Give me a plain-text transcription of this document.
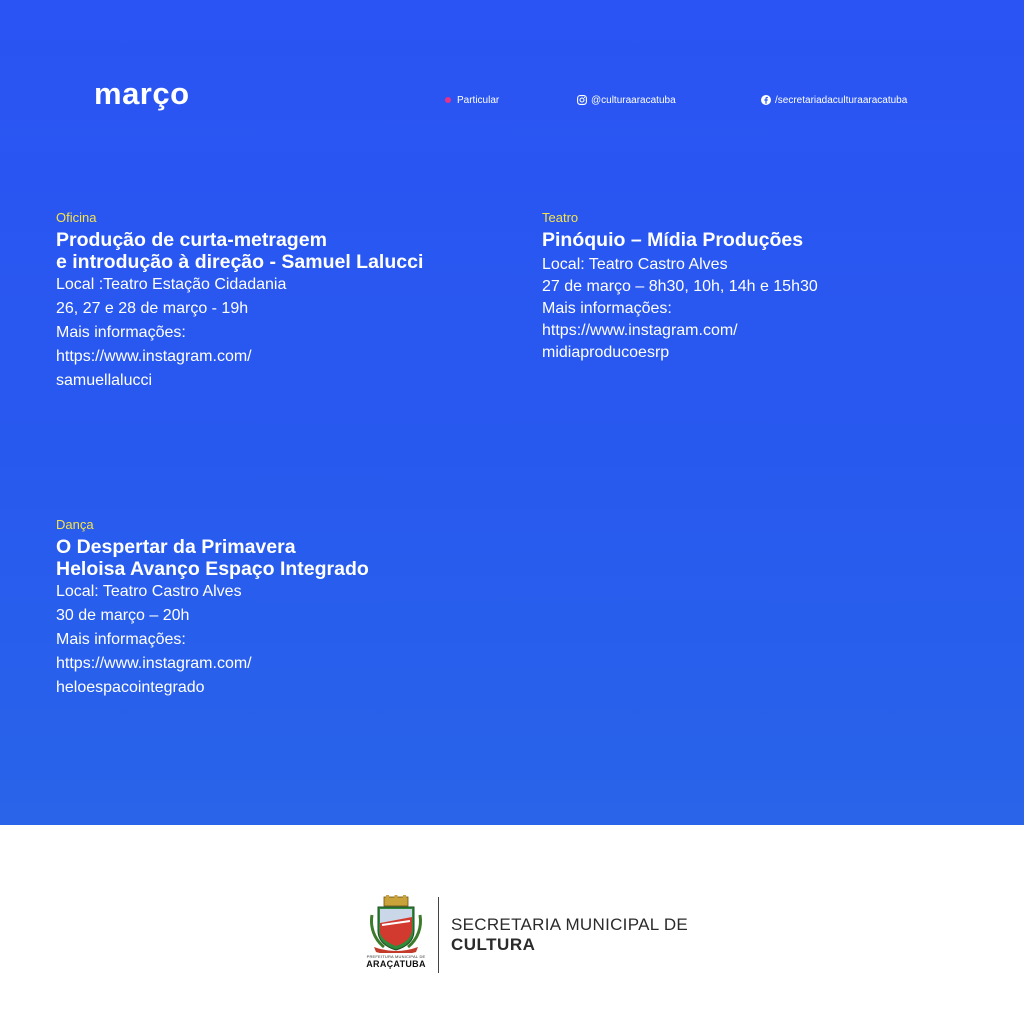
março	Particular	@culturaaracatuba	/secretariadaculturaaracatuba
Oficina
Produção de curta-metragem
e introdução à direção - Samuel Lalucci
Local :Teatro Estação Cidadania
26, 27 e 28 de março - 19h
Mais informações:
https://www.instagram.com/
samuellalucci
Teatro
Pinóquio – Mídia Produções
Local: Teatro Castro Alves
27 de março – 8h30, 10h, 14h e 15h30
Mais informações:
https://www.instagram.com/
midiaproducoesrp
Dança
O Despertar da Primavera
Heloisa Avanço Espaço Integrado
Local: Teatro Castro Alves
30 de março – 20h
Mais informações:
https://www.instagram.com/
heloespacointegrado
PREFEITURA MUNICIPAL DE
ARAÇATUBA
SECRETARIA MUNICIPAL DE
CULTURA
